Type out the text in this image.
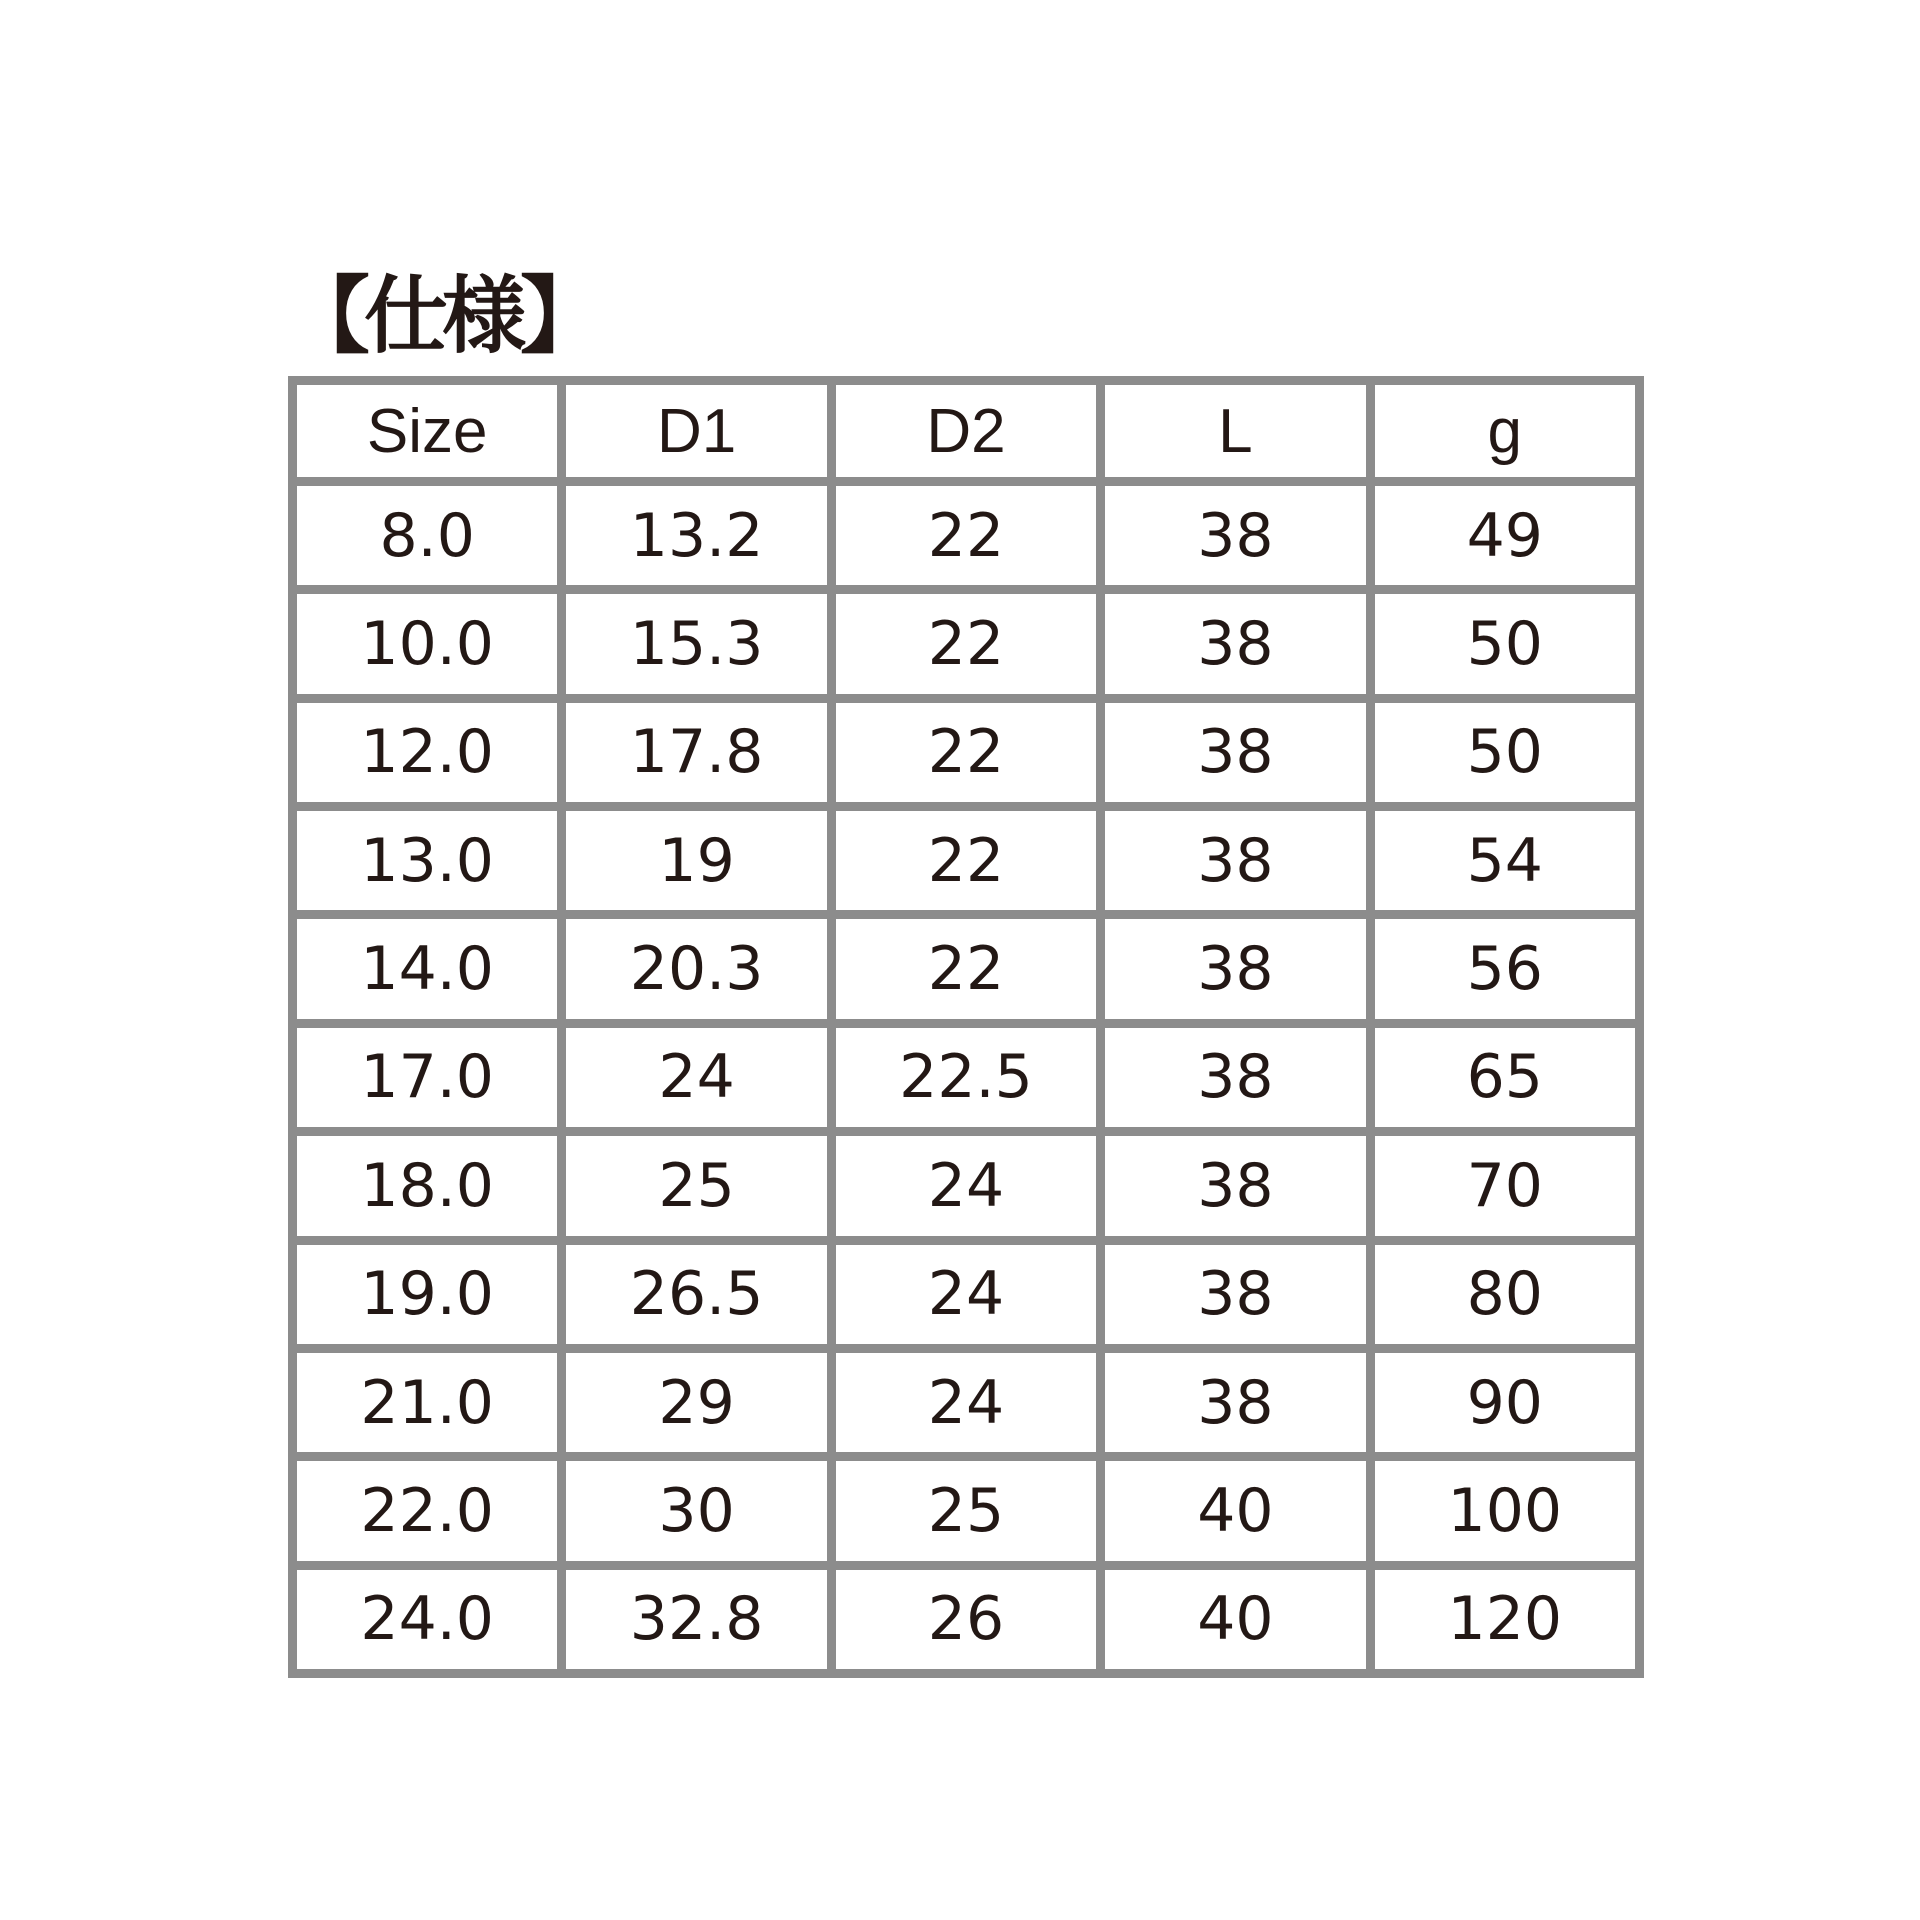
【仕様】
Size	D1	D2	L	g
8.0	13.2	22	38	49
10.0	15.3	22	38	50
12.0	17.8	22	38	50
13.0	19	22	38	54
14.0	20.3	22	38	56
17.0	24	22.5	38	65
18.0	25	24	38	70
19.0	26.5	24	38	80
21.0	29	24	38	90
22.0	30	25	40	100
24.0	32.8	26	40	120
